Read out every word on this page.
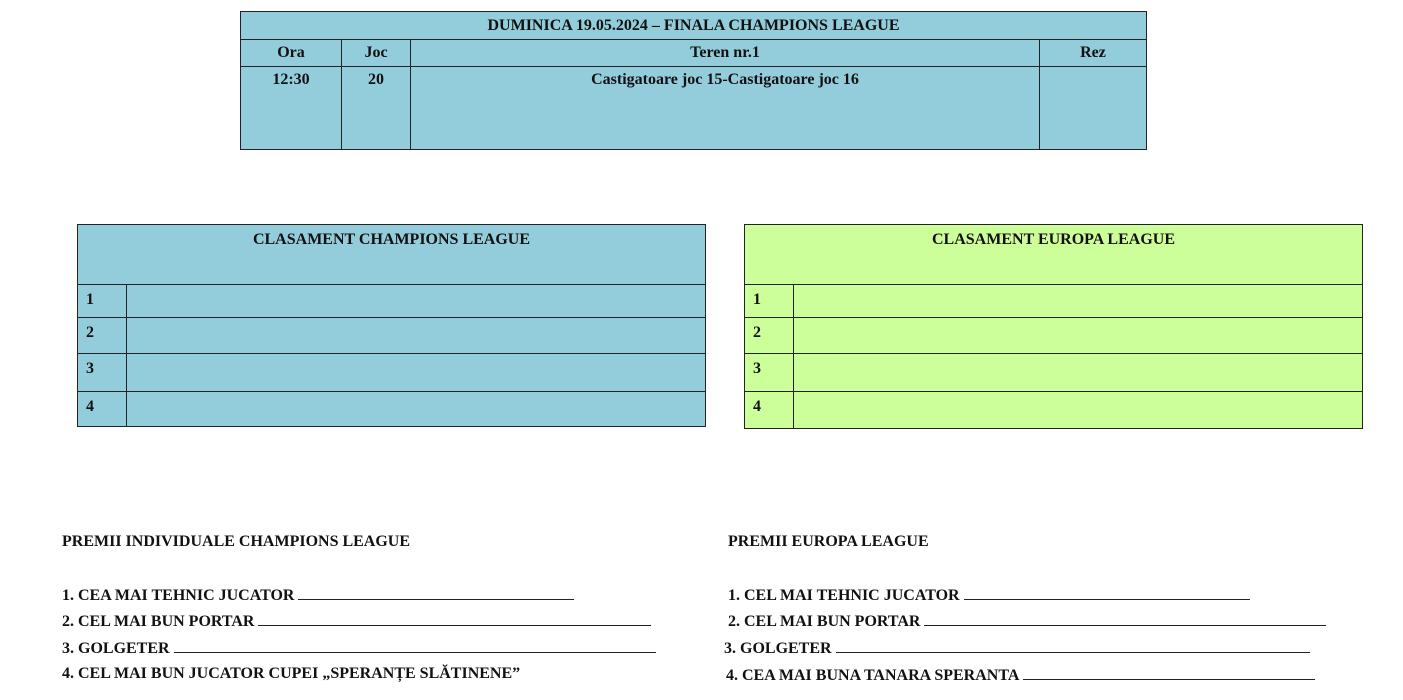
DUMINICA 19.05.2024 – FINALA CHAMPIONS LEAGUE			
Ora	Joc	Teren nr.1	Rez
12:30	20	Castigatoare joc 15-Castigatoare joc 16	
CLASAMENT CHAMPIONS LEAGUE	
1	
2	
3	
4	
CLASAMENT EUROPA LEAGUE	
1	
2	
3	
4	
PREMII INDIVIDUALE CHAMPIONS LEAGUE
1. CEA MAI TEHNIC JUCATOR
2. CEL MAI BUN PORTAR
3. GOLGETER
4. CEL MAI BUN JUCATOR CUPEI „SPERANȚE SLĂTINENE”
PREMII EUROPA LEAGUE
1. CEL MAI TEHNIC JUCATOR
2. CEL MAI BUN PORTAR
3. GOLGETER
4. CEA MAI BUNA TANARA SPERANTA
